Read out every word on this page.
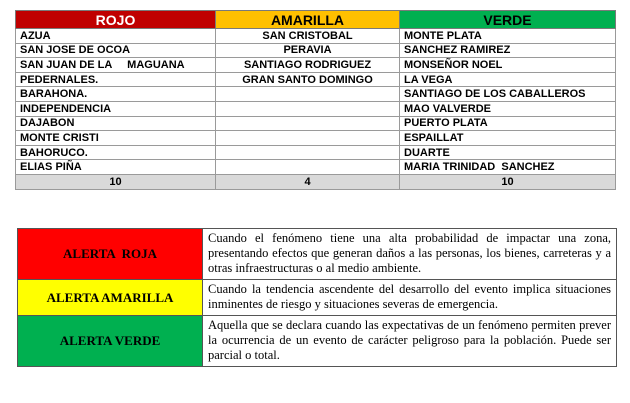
ROJO	AMARILLA	VERDE
AZUA	SAN CRISTOBAL	MONTE PLATA
SAN JOSE DE OCOA	PERAVIA	SANCHEZ RAMIREZ
SAN JUAN DE LA     MAGUANA	SANTIAGO RODRIGUEZ	MONSEÑOR NOEL
PEDERNALES.	GRAN SANTO DOMINGO	LA VEGA
BARAHONA.		SANTIAGO DE LOS CABALLEROS
INDEPENDENCIA		MAO VALVERDE
DAJABON		PUERTO PLATA
MONTE CRISTI		ESPAILLAT
BAHORUCO.		DUARTE
ELIAS PIÑA		MARIA TRINIDAD  SANCHEZ
10	4	10
ALERTA  ROJA	Cuando el fenómeno tiene una alta probabilidad de impactar una zona, presentando efectos que generan daños a las personas, los bienes, carreteras y a otras infraestructuras o al medio ambiente.
ALERTA AMARILLA	Cuando la tendencia ascendente del desarrollo del evento implica situaciones inminentes de riesgo y situaciones severas de emergencia.
ALERTA VERDE	Aquella que se declara cuando las expectativas de un fenómeno permiten prever la ocurrencia de un evento de carácter peligroso para la población. Puede ser parcial o total.
